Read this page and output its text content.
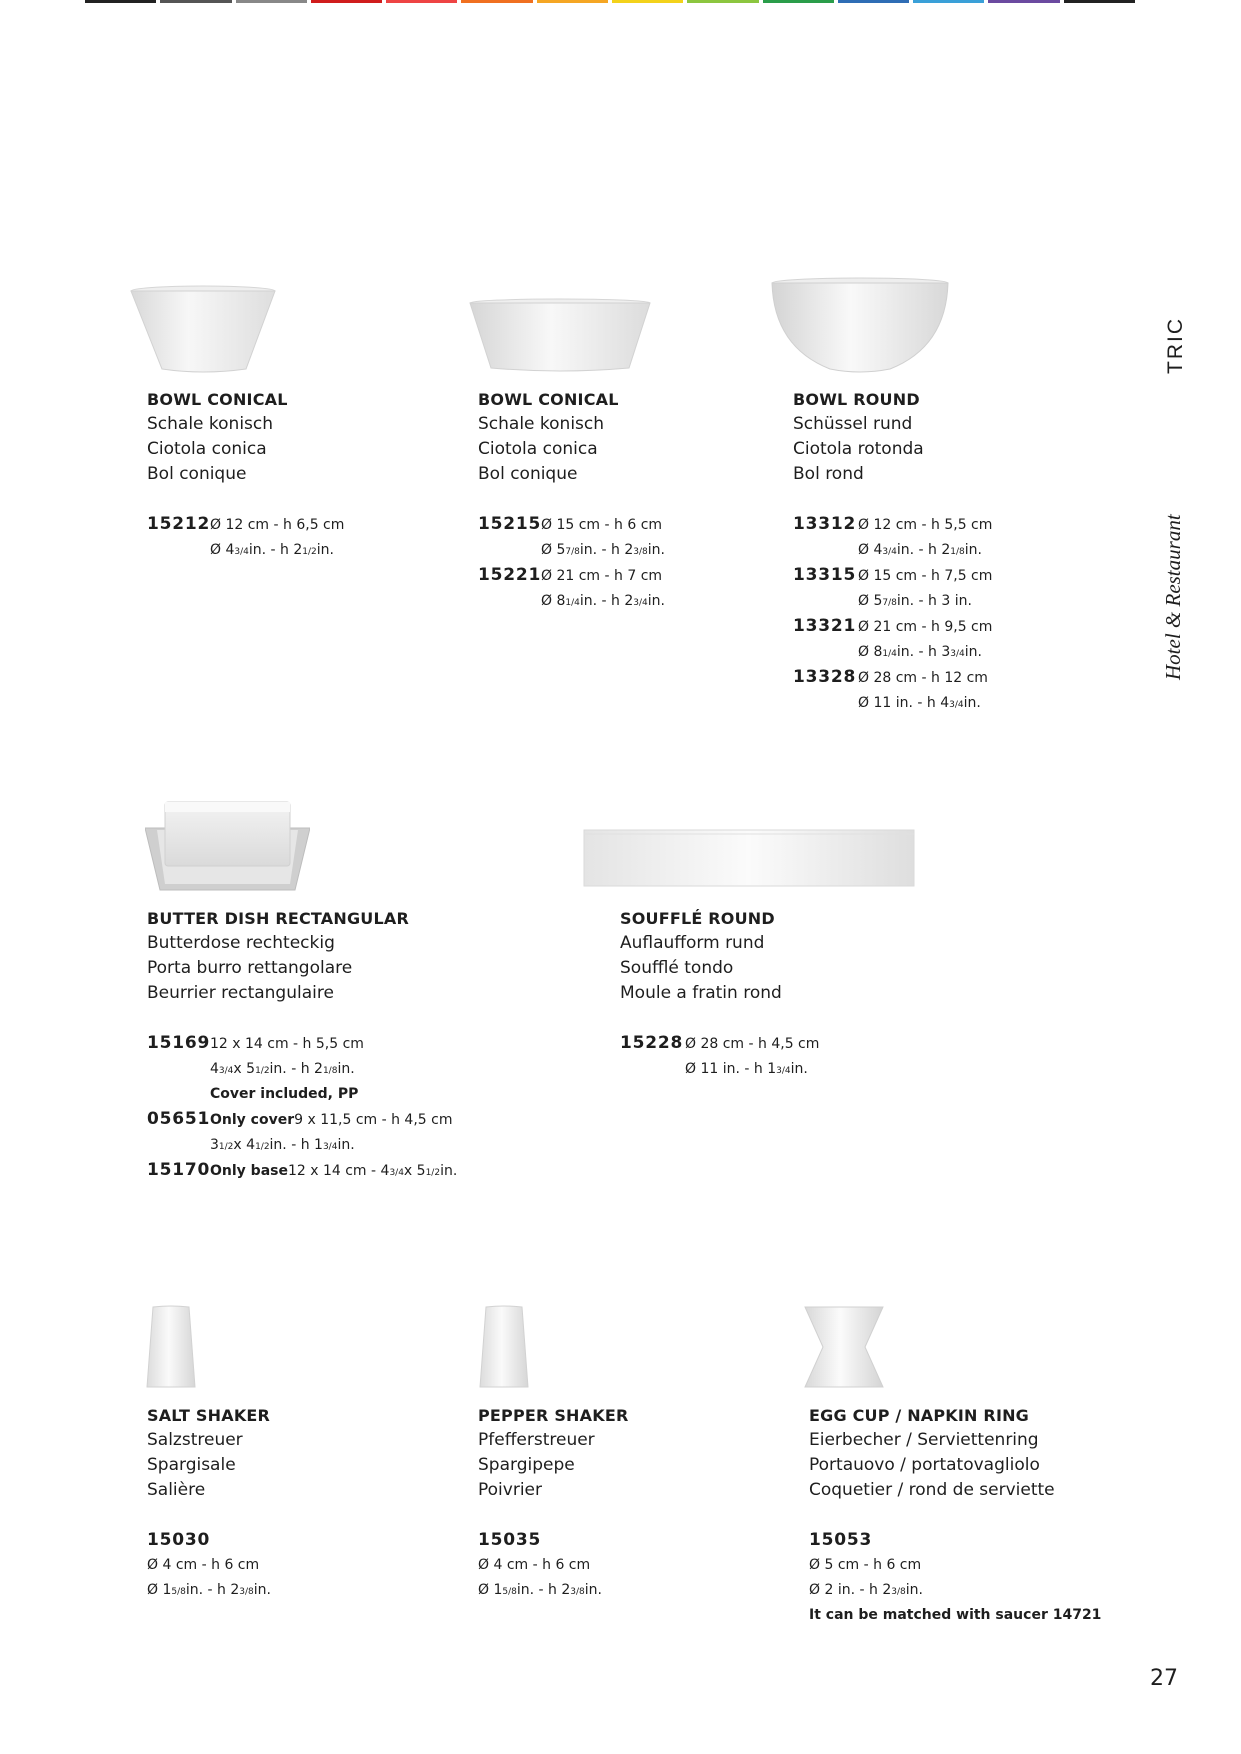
TRIC
Hotel & Restaurant
BOWL CONICAL
Schale konisch
Ciotola conica
Bol conique
15212 Ø 12 cm - h 6,5 cm
Ø 4 3/4 in. - h 2 1/2 in.
BOWL CONICAL
Schale konisch
Ciotola conica
Bol conique
15215 Ø 15 cm - h 6 cm
Ø 5 7/8 in. - h 2 3/8 in.
15221 Ø 21 cm - h 7 cm
Ø 8 1/4 in. - h 2 3/4 in.
BOWL ROUND
Schüssel rund
Ciotola rotonda
Bol rond
13312 Ø 12 cm - h 5,5 cm
Ø 4 3/4 in. - h 2 1/8 in.
13315 Ø 15 cm - h 7,5 cm
Ø 5 7/8 in. - h 3 in.
13321 Ø 21 cm - h 9,5 cm
Ø 8 1/4 in. - h 3 3/4 in.
13328 Ø 28 cm - h 12 cm
Ø 11 in. - h 4 3/4 in.
BUTTER DISH RECTANGULAR
Butterdose rechteckig
Porta burro rettangolare
Beurrier rectangulaire
15169 12 x 14 cm - h 5,5 cm
4 3/4 x 5 1/2 in. - h 2 1/8 in.
Cover included, PP
05651 Only cover 9 x 11,5 cm - h 4,5 cm
3 1/2 x 4 1/2 in. - h 1 3/4 in.
15170 Only base 12 x 14 cm - 4 3/4 x 5 1/2 in.
SOUFFLÉ ROUND
Auflaufform rund
Soufflé tondo
Moule a fratin rond
15228 Ø 28 cm - h 4,5 cm
Ø 11 in. - h 1 3/4 in.
SALT SHAKER
Salzstreuer
Spargisale
Salière
15030
Ø 4 cm - h 6 cm
Ø 1 5/8 in. - h 2 3/8 in.
PEPPER SHAKER
Pfefferstreuer
Spargipepe
Poivrier
15035
Ø 4 cm - h 6 cm
Ø 1 5/8 in. - h 2 3/8 in.
EGG CUP / NAPKIN RING
Eierbecher / Serviettenring
Portauovo / portatovagliolo
Coquetier / rond de serviette
15053
Ø 5 cm - h 6 cm
Ø 2 in. - h 2 3/8 in.
It can be matched with saucer 14721
27
